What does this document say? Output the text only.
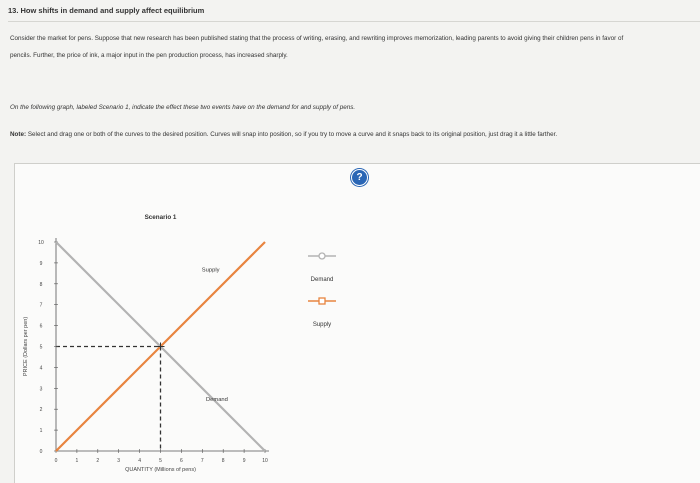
13. How shifts in demand and supply affect equilibrium
Consider the market for pens. Suppose that new research has been published stating that the process of writing, erasing, and rewriting improves memorization, leading parents to avoid giving their children pens in favor of pencils. Further, the price of ink, a major input in the pen production process, has increased sharply.
On the following graph, labeled Scenario 1, indicate the effect these two events have on the demand for and supply of pens.
Note: Select and drag one or both of the curves to the desired position. Curves will snap into position, so if you try to move a curve and it snaps back to its original position, just drag it a little farther.
?
0
1
2
3
4
5
6
7
8
9
10
0	1	2	3	4	5	6	7	8	9	10
Scenario 1
QUANTITY (Millions of pens)
PRICE (Dollars per pen)
Supply
Demand
Demand
Supply
